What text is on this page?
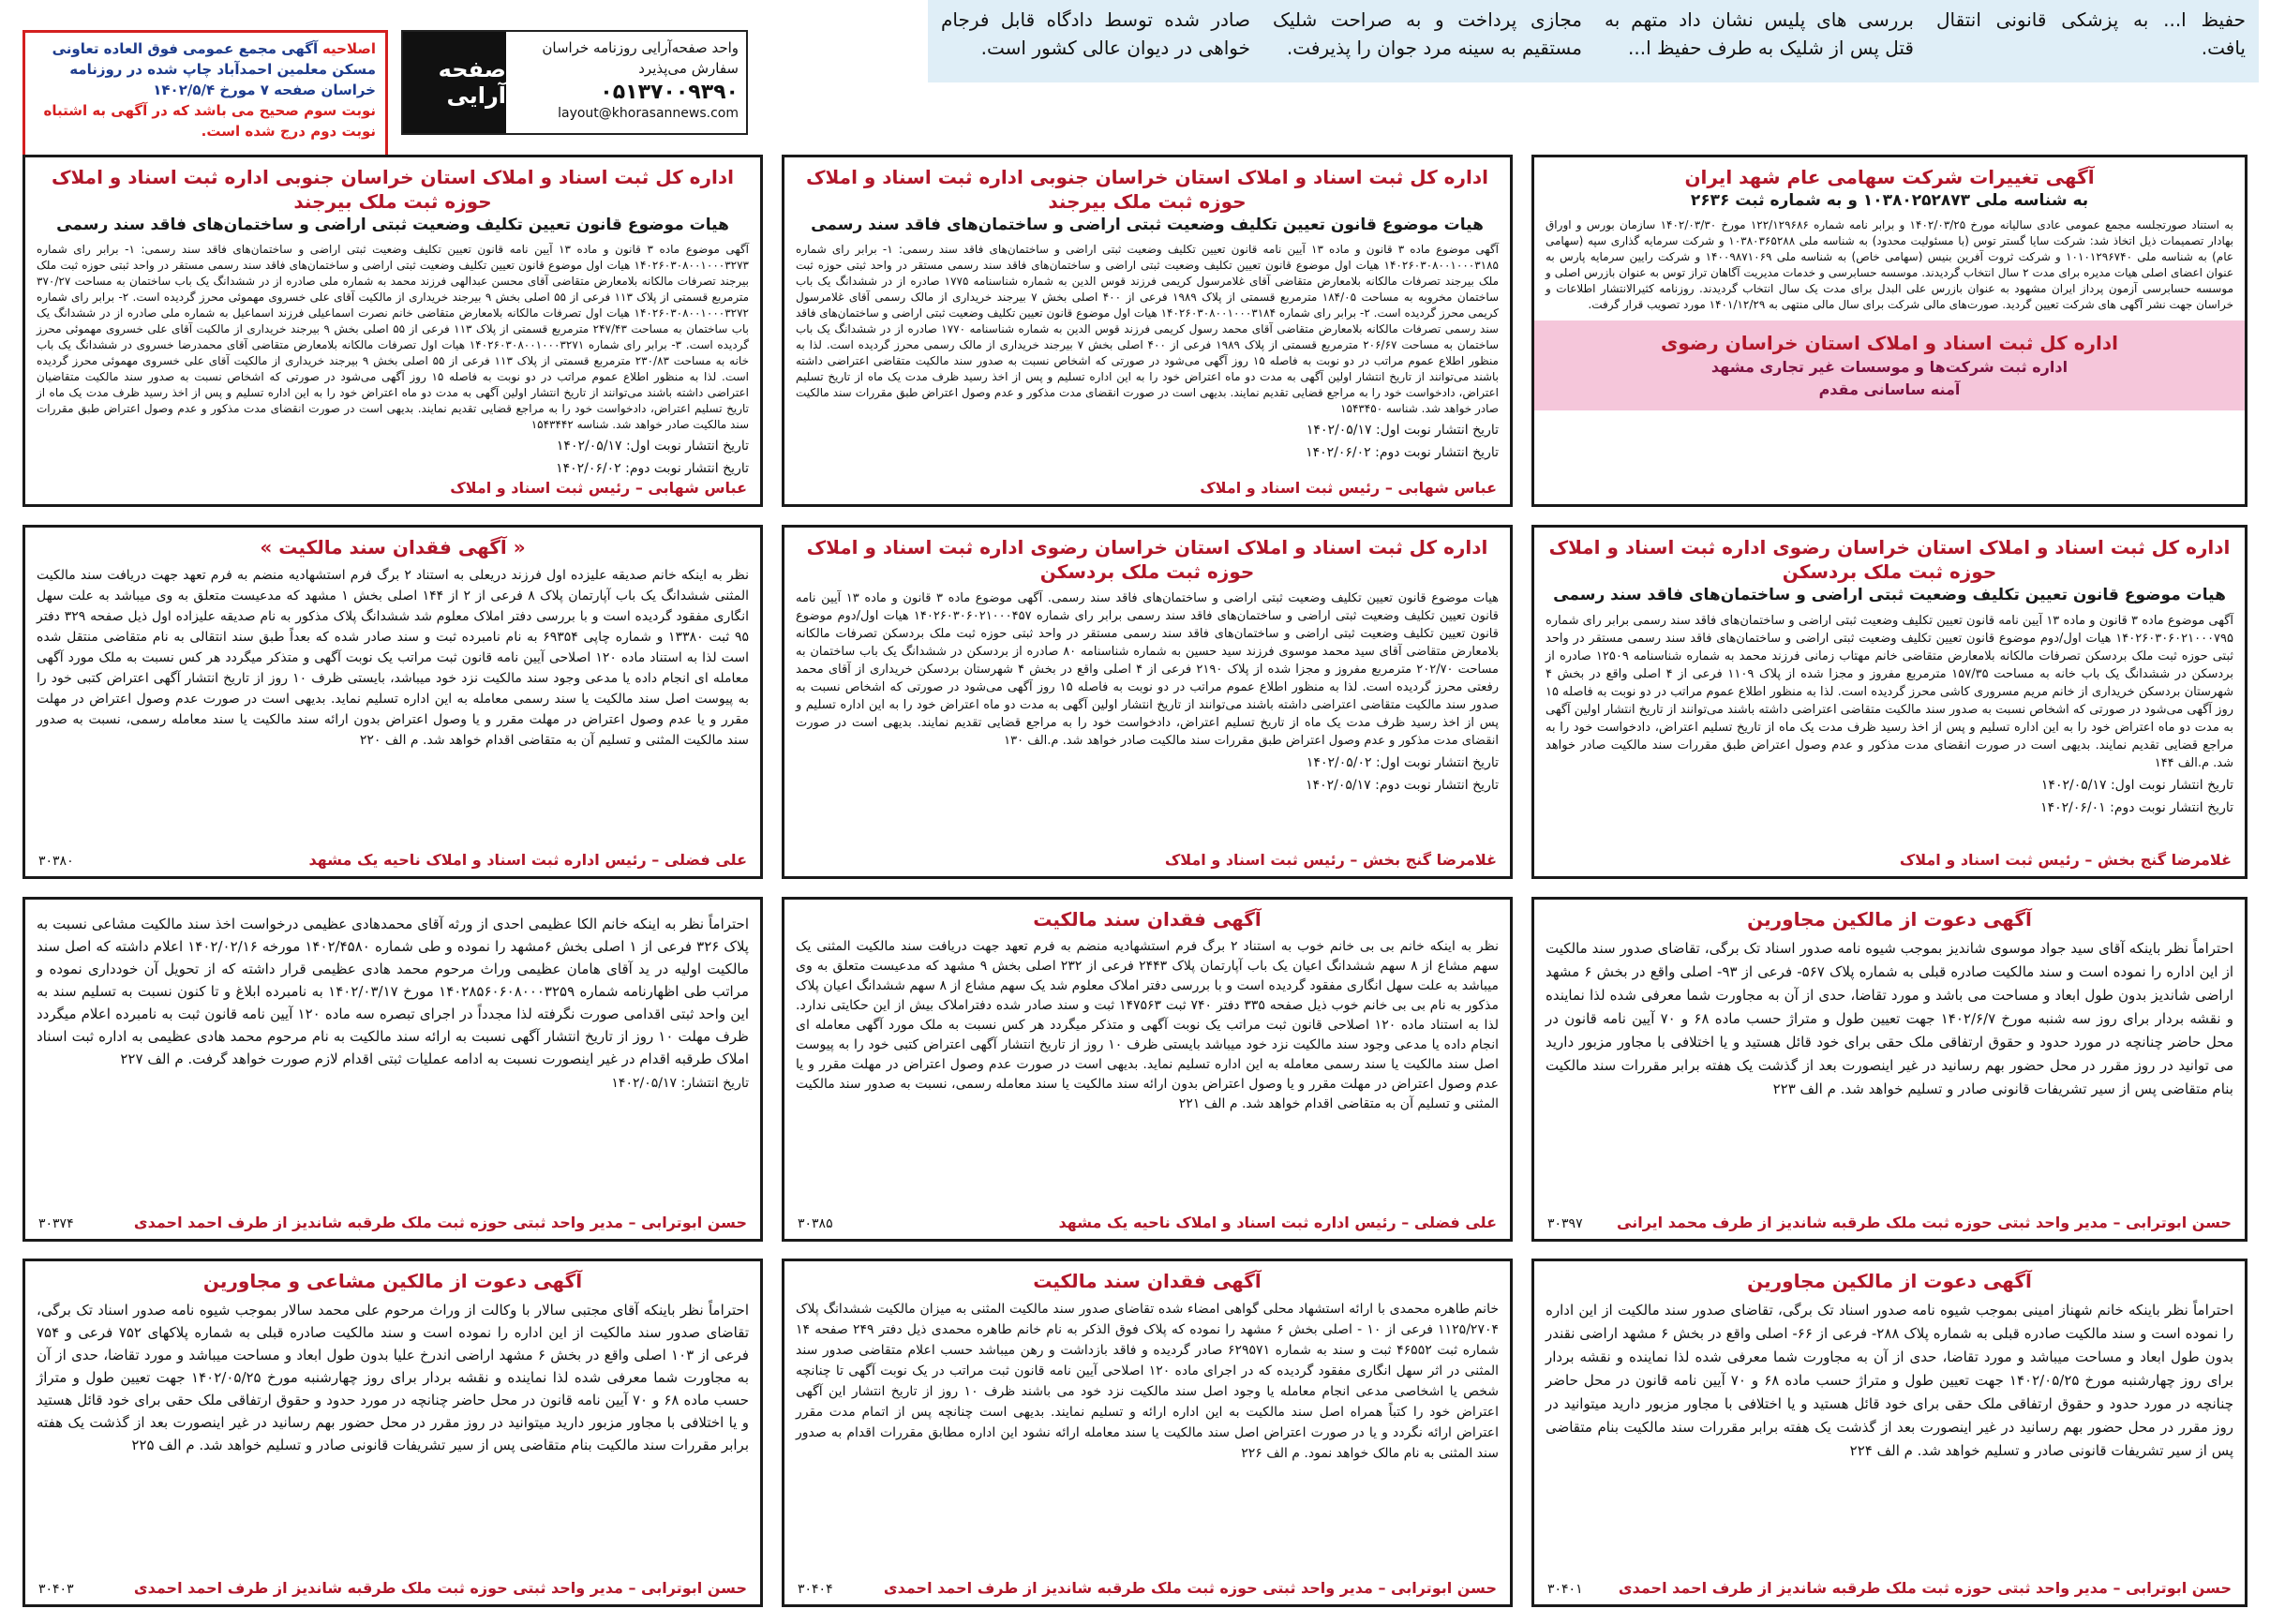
حفیظ ا... به پزشکی قانونی انتقال یافت.
بررسی های پلیس نشان داد متهم به قتل پس از شلیک به طرف حفیظ ا...
مجازی پرداخت و به صراحت شلیک مستقیم به سینه مرد جوان را پذیرفت.
صادر شده توسط دادگاه قابل فرجام خواهی در دیوان عالی کشور است.
واحد صفحه‌آرایی روزنامه خراسان
سفارش می‌پذیرد
۰۵۱۳۷۰۰۹۳۹۰
layout@khorasannews.com
صفحه آرایی
اصلاحیه آگهی مجمع عمومی فوق العاده تعاونی مسکن معلمین احمدآباد چاپ شده در روزنامه خراسان صفحه ۷ مورخ ۱۴۰۲/۵/۴
نوبت سوم صحیح می باشد که در آگهی به اشتباه نوبت دوم درج شده است.
آگهی تغییرات شرکت سهامی عام شهد ایران
به شناسه ملی ۱۰۳۸۰۲۵۲۸۷۳ و به شماره ثبت ۲۶۳۶
به استناد صورتجلسه مجمع عمومی عادی سالیانه مورخ ۱۴۰۲/۰۳/۲۵ و برابر نامه شماره ۱۲۲/۱۲۹۶۸۶ مورخ ۱۴۰۲/۰۳/۳۰ سازمان بورس و اوراق بهادار تصمیمات ذیل اتخاذ شد: شرکت سایا گستر توس (با مسئولیت محدود) به شناسه ملی ۱۰۳۸۰۳۶۵۲۸۸ و شرکت سرمایه گذاری سپه (سهامی عام) به شناسه ملی ۱۰۱۰۱۲۹۶۷۴۰ و شرکت ثروت آفرین بنیس (سهامی خاص) به شناسه ملی ۱۴۰۰۹۸۷۱۰۶۹ و شرکت رایین سرمایه پارس به عنوان اعضای اصلی هیات مدیره برای مدت ۲ سال انتخاب گردیدند. موسسه حسابرسی و خدمات مدیریت آگاهان تراز توس به عنوان بازرس اصلی و موسسه حسابرسی آزمون پرداز ایران مشهود به عنوان بازرس علی البدل برای مدت یک سال انتخاب گردیدند. روزنامه کثیرالانتشار اطلاعات و خراسان جهت نشر آگهی های شرکت تعیین گردید. صورت‌های مالی شرکت برای سال مالی منتهی به ۱۴۰۱/۱۲/۲۹ مورد تصویب قرار گرفت.
اداره کل ثبت اسناد و املاک استان خراسان رضوی
اداره ثبت شرکت‌ها و موسسات غیر تجاری مشهد
آمنه ساسانی مقدم
اداره کل ثبت اسناد و املاک استان خراسان جنوبی اداره ثبت اسناد و املاک حوزه ثبت ملک بیرجند
هیات موضوع قانون تعیین تکلیف وضعیت ثبتی اراضی و ساختمان‌های فاقد سند رسمی
آگهی موضوع ماده ۳ قانون و ماده ۱۳ آیین نامه قانون تعیین تکلیف وضعیت ثبتی اراضی و ساختمان‌های فاقد سند رسمی: ۱- برابر رای شماره ۱۴۰۲۶۰۳۰۸۰۰۱۰۰۰۳۱۸۵ هیات اول موضوع قانون تعیین تکلیف وضعیت ثبتی اراضی و ساختمان‌های فاقد سند رسمی مستقر در واحد ثبتی حوزه ثبت ملک بیرجند تصرفات مالکانه بلامعارض متقاضی آقای غلامرسول کریمی فرزند قوس الدین به شماره شناسنامه ۱۷۷۵ صادره از در ششدانگ یک باب ساختمان مخروبه به مساحت ۱۸۴/۰۵ مترمربع قسمتی از پلاک ۱۹۸۹ فرعی از ۴۰۰ اصلی بخش ۷ بیرجند خریداری از مالک رسمی آقای غلامرسول کریمی محرز گردیده است. ۲- برابر رای شماره ۱۴۰۲۶۰۳۰۸۰۰۱۰۰۰۳۱۸۴ هیات اول موضوع قانون تعیین تکلیف وضعیت ثبتی اراضی و ساختمان‌های فاقد سند رسمی تصرفات مالکانه بلامعارض متقاضی آقای محمد رسول کریمی فرزند قوس الدین به شماره شناسنامه ۱۷۷۰ صادره از در ششدانگ یک باب ساختمان به مساحت ۲۰۶/۶۷ مترمربع قسمتی از پلاک ۱۹۸۹ فرعی از ۴۰۰ اصلی بخش ۷ بیرجند خریداری از مالک رسمی محرز گردیده است. لذا به منظور اطلاع عموم مراتب در دو نوبت به فاصله ۱۵ روز آگهی می‌شود در صورتی که اشخاص نسبت به صدور سند مالکیت متقاضی اعتراضی داشته باشند می‌توانند از تاریخ انتشار اولین آگهی به مدت دو ماه اعتراض خود را به این اداره تسلیم و پس از اخذ رسید ظرف مدت یک ماه از تاریخ تسلیم اعتراض، دادخواست خود را به مراجع قضایی تقدیم نمایند. بدیهی است در صورت انقضای مدت مذکور و عدم وصول اعتراض طبق مقررات سند مالکیت صادر خواهد شد. شناسه ۱۵۴۳۴۵۰
تاریخ انتشار نوبت اول: ۱۴۰۲/۰۵/۱۷
تاریخ انتشار نوبت دوم: ۱۴۰۲/۰۶/۰۲
عباس شهابی – رئیس ثبت اسناد و املاک
اداره کل ثبت اسناد و املاک استان خراسان جنوبی اداره ثبت اسناد و املاک حوزه ثبت ملک بیرجند
هیات موضوع قانون تعیین تکلیف وضعیت ثبتی اراضی و ساختمان‌های فاقد سند رسمی
آگهی موضوع ماده ۳ قانون و ماده ۱۳ آیین نامه قانون تعیین تکلیف وضعیت ثبتی اراضی و ساختمان‌های فاقد سند رسمی: ۱- برابر رای شماره ۱۴۰۲۶۰۳۰۸۰۰۱۰۰۰۳۲۷۳ هیات اول موضوع قانون تعیین تکلیف وضعیت ثبتی اراضی و ساختمان‌های فاقد سند رسمی مستقر در واحد ثبتی حوزه ثبت ملک بیرجند تصرفات مالکانه بلامعارض متقاضی آقای محسن عبدالهی فرزند محمد به شماره ملی صادره از در ششدانگ یک باب ساختمان به مساحت ۳۷۰/۲۷ مترمربع قسمتی از پلاک ۱۱۳ فرعی از ۵۵ اصلی بخش ۹ بیرجند خریداری از مالکیت آقای علی خسروی مهموئی محرز گردیده است. ۲- برابر رای شماره ۱۴۰۲۶۰۳۰۸۰۰۱۰۰۰۳۲۷۲ هیات اول تصرفات مالکانه بلامعارض متقاضی خانم نصرت اسماعیلی فرزند اسماعیل به شماره ملی صادره از در ششدانگ یک باب ساختمان به مساحت ۲۴۷/۴۳ مترمربع قسمتی از پلاک ۱۱۳ فرعی از ۵۵ اصلی بخش ۹ بیرجند خریداری از مالکیت آقای علی خسروی مهموئی محرز گردیده است. ۳- برابر رای شماره ۱۴۰۲۶۰۳۰۸۰۰۱۰۰۰۳۲۷۱ هیات اول تصرفات مالکانه بلامعارض متقاضی آقای محمدرضا خسروی در ششدانگ یک باب خانه به مساحت ۲۳۰/۸۳ مترمربع قسمتی از پلاک ۱۱۳ فرعی از ۵۵ اصلی بخش ۹ بیرجند خریداری از مالکیت آقای علی خسروی مهموئی محرز گردیده است. لذا به منظور اطلاع عموم مراتب در دو نوبت به فاصله ۱۵ روز آگهی می‌شود در صورتی که اشخاص نسبت به صدور سند مالکیت متقاضیان اعتراضی داشته باشند می‌توانند از تاریخ انتشار اولین آگهی به مدت دو ماه اعتراض خود را به این اداره تسلیم و پس از اخذ رسید ظرف مدت یک ماه از تاریخ تسلیم اعتراض، دادخواست خود را به مراجع قضایی تقدیم نمایند. بدیهی است در صورت انقضای مدت مذکور و عدم وصول اعتراض طبق مقررات سند مالکیت صادر خواهد شد. شناسه ۱۵۴۳۴۴۲
تاریخ انتشار نوبت اول: ۱۴۰۲/۰۵/۱۷
تاریخ انتشار نوبت دوم: ۱۴۰۲/۰۶/۰۲
عباس شهابی – رئیس ثبت اسناد و املاک
اداره کل ثبت اسناد و املاک استان خراسان رضوی اداره ثبت اسناد و املاک حوزه ثبت ملک بردسکن
هیات موضوع قانون تعیین تکلیف وضعیت ثبتی اراضی و ساختمان‌های فاقد سند رسمی
آگهی موضوع ماده ۳ قانون و ماده ۱۳ آیین نامه قانون تعیین تکلیف وضعیت ثبتی اراضی و ساختمان‌های فاقد سند رسمی برابر رای شماره ۱۴۰۲۶۰۳۰۶۰۲۱۰۰۰۷۹۵ هیات اول/دوم موضوع قانون تعیین تکلیف وضعیت ثبتی اراضی و ساختمان‌های فاقد سند رسمی مستقر در واحد ثبتی حوزه ثبت ملک بردسکن تصرفات مالکانه بلامعارض متقاضی خانم مهتاب زمانی فرزند محمد به شماره شناسنامه ۱۲۵۰۹ صادره از بردسکن در ششدانگ یک باب خانه به مساحت ۱۵۷/۳۵ مترمربع مفروز و مجزا شده از پلاک ۱۱۰۹ فرعی از ۴ اصلی واقع در بخش ۴ شهرستان بردسکن خریداری از خانم مریم مسروری کاشی محرز گردیده است. لذا به منظور اطلاع عموم مراتب در دو نوبت به فاصله ۱۵ روز آگهی می‌شود در صورتی که اشخاص نسبت به صدور سند مالکیت متقاضی اعتراضی داشته باشند می‌توانند از تاریخ انتشار اولین آگهی به مدت دو ماه اعتراض خود را به این اداره تسلیم و پس از اخذ رسید ظرف مدت یک ماه از تاریخ تسلیم اعتراض، دادخواست خود را به مراجع قضایی تقدیم نمایند. بدیهی است در صورت انقضای مدت مذکور و عدم وصول اعتراض طبق مقررات سند مالکیت صادر خواهد شد. م.الف ۱۴۴
تاریخ انتشار نوبت اول: ۱۴۰۲/۰۵/۱۷
تاریخ انتشار نوبت دوم: ۱۴۰۲/۰۶/۰۱
غلامرضا گنج بخش – رئیس ثبت اسناد و املاک
اداره کل ثبت اسناد و املاک استان خراسان رضوی اداره ثبت اسناد و املاک حوزه ثبت ملک بردسکن
هیات موضوع قانون تعیین تکلیف وضعیت ثبتی اراضی و ساختمان‌های فاقد سند رسمی. آگهی موضوع ماده ۳ قانون و ماده ۱۳ آیین نامه قانون تعیین تکلیف وضعیت ثبتی اراضی و ساختمان‌های فاقد سند رسمی برابر رای شماره ۱۴۰۲۶۰۳۰۶۰۲۱۰۰۰۴۵۷ هیات اول/دوم موضوع قانون تعیین تکلیف وضعیت ثبتی اراضی و ساختمان‌های فاقد سند رسمی مستقر در واحد ثبتی حوزه ثبت ملک بردسکن تصرفات مالکانه بلامعارض متقاضی آقای سید محمد موسوی فرزند سید حسین به شماره شناسنامه ۸۰ صادره از بردسکن در ششدانگ یک باب ساختمان به مساحت ۲۰۲/۷۰ مترمربع مفروز و مجزا شده از پلاک ۲۱۹۰ فرعی از ۴ اصلی واقع در بخش ۴ شهرستان بردسکن خریداری از آقای محمد رفعتی محرز گردیده است. لذا به منظور اطلاع عموم مراتب در دو نوبت به فاصله ۱۵ روز آگهی می‌شود در صورتی که اشخاص نسبت به صدور سند مالکیت متقاضی اعتراضی داشته باشند می‌توانند از تاریخ انتشار اولین آگهی به مدت دو ماه اعتراض خود را به این اداره تسلیم و پس از اخذ رسید ظرف مدت یک ماه از تاریخ تسلیم اعتراض، دادخواست خود را به مراجع قضایی تقدیم نمایند. بدیهی است در صورت انقضای مدت مذکور و عدم وصول اعتراض طبق مقررات سند مالکیت صادر خواهد شد. م.الف ۱۳۰
تاریخ انتشار نوبت اول: ۱۴۰۲/۰۵/۰۲
تاریخ انتشار نوبت دوم: ۱۴۰۲/۰۵/۱۷
غلامرضا گنج بخش – رئیس ثبت اسناد و املاک
« آگهی فقدان سند مالکیت »
نظر به اینکه خانم صدیقه علیزده اول فرزند دریعلی به استناد ۲ برگ فرم استشهادیه منضم به فرم تعهد جهت دریافت سند مالکیت المثنی ششدانگ یک باب آپارتمان پلاک ۸ فرعی از ۲ از ۱۴۴ اصلی بخش ۱ مشهد که مدعیست متعلق به وی میباشد به علت سهل انگاری مفقود گردیده است و با بررسی دفتر املاک معلوم شد ششدانگ پلاک مذکور به نام صدیقه علیزاده اول ذیل صفحه ۳۲۹ دفتر ۹۵ ثبت ۱۳۳۸۰ و شماره چاپی ۶۹۳۵۴ به نام نامبرده ثبت و سند صادر شده که بعداً طبق سند انتقالی به نام متقاضی منتقل شده است لذا به استناد ماده ۱۲۰ اصلاحی آیین نامه قانون ثبت مراتب یک نوبت آگهی و متذکر میگردد هر کس نسبت به ملک مورد آگهی معامله ای انجام داده یا مدعی وجود سند مالکیت نزد خود میباشد، بایستی ظرف ۱۰ روز از تاریخ انتشار آگهی اعتراض کتبی خود را به پیوست اصل سند مالکیت یا سند رسمی معامله به این اداره تسلیم نماید. بدیهی است در صورت عدم وصول اعتراض در مهلت مقرر و یا عدم وصول اعتراض در مهلت مقرر و یا وصول اعتراض بدون ارائه سند مالکیت یا سند معامله رسمی، نسبت به صدور سند مالکیت المثنی و تسلیم آن به متقاضی اقدام خواهد شد. م الف ۲۲۰
علی فضلی – رئیس اداره ثبت اسناد و املاک ناحیه یک مشهد
۳۰۳۸۰
آگهی دعوت از مالکین مجاورین
احتراماً نظر باینکه آقای سید جواد موسوی شاندیز بموجب شیوه نامه صدور اسناد تک برگی، تقاضای صدور سند مالکیت از این اداره را نموده است و سند مالکیت صادره قبلی به شماره پلاک ۵۶۷- فرعی از ۹۳- اصلی واقع در بخش ۶ مشهد اراضی شاندیز بدون طول ابعاد و مساحت می باشد و مورد تقاضا، حدی از آن به مجاورت شما معرفی شده لذا نماینده و نقشه بردار برای روز سه شنبه مورخ ۱۴۰۲/۶/۷ جهت تعیین طول و متراژ حسب ماده ۶۸ و ۷۰ آیین نامه قانون در محل حاضر چنانچه در مورد حدود و حقوق ارتفاقی ملک حقی برای خود قائل هستید و یا اختلافی با مجاور مزبور دارید می توانید در روز مقرر در محل حضور بهم رسانید در غیر اینصورت بعد از گذشت یک هفته برابر مقررات سند مالکیت بنام متقاضی پس از سیر تشریفات قانونی صادر و تسلیم خواهد شد. م الف ۲۲۳
حسن ابوترابی – مدیر واحد ثبتی حوزه ثبت ملک طرقبه شاندیز از طرف محمد ایرانی
۳۰۳۹۷
آگهی فقدان سند مالکیت
نظر به اینکه خانم بی بی خانم خوب به استناد ۲ برگ فرم استشهادیه منضم به فرم تعهد جهت دریافت سند مالکیت المثنی یک سهم مشاع از ۸ سهم ششدانگ اعیان یک باب آپارتمان پلاک ۲۴۴۳ فرعی از ۲۳۲ اصلی بخش ۹ مشهد که مدعیست متعلق به وی میباشد به علت سهل انگاری مفقود گردیده است و با بررسی دفتر املاک معلوم شد یک سهم مشاع از ۸ سهم ششدانگ اعیان پلاک مذکور به نام بی بی خانم خوب ذیل صفحه ۳۳۵ دفتر ۷۴۰ ثبت ۱۴۷۵۶۳ ثبت و سند صادر شده دفتراملاک بیش از این حکایتی ندارد. لذا به استناد ماده ۱۲۰ اصلاحی قانون ثبت مراتب یک نوبت آگهی و متذکر میگردد هر کس نسبت به ملک مورد آگهی معامله ای انجام داده یا مدعی وجود سند مالکیت نزد خود میباشد بایستی ظرف ۱۰ روز از تاریخ انتشار آگهی اعتراض کتبی خود را به پیوست اصل سند مالکیت یا سند رسمی معامله به این اداره تسلیم نماید. بدیهی است در صورت عدم وصول اعتراض در مهلت مقرر و یا عدم وصول اعتراض در مهلت مقرر و یا وصول اعتراض بدون ارائه سند مالکیت یا سند معامله رسمی، نسبت به صدور سند مالکیت المثنی و تسلیم آن به متقاضی اقدام خواهد شد. م الف ۲۲۱
علی فضلی – رئیس اداره ثبت اسناد و املاک ناحیه یک مشهد
۳۰۳۸۵
احتراماً نظر به اینکه خانم الکا عظیمی احدی از ورثه آقای محمدهادی عظیمی درخواست اخذ سند مالکیت مشاعی نسبت به پلاک ۳۲۶ فرعی از ۱ اصلی بخش ۶مشهد را نموده و طی شماره ۱۴۰۲/۴۵۸۰ مورخه ۱۴۰۲/۰۲/۱۶ اعلام داشته که اصل سند مالکیت اولیه در ید آقای هامان عظیمی وراث مرحوم محمد هادی عظیمی قرار داشته که از تحویل آن خودداری نموده و مراتب طی اظهارنامه شماره ۱۴۰۲۸۵۶۰۶۰۸۰۰۰۳۲۵۹ مورخ ۱۴۰۲/۰۳/۱۷ به نامبرده ابلاغ و تا کنون نسبت به تسلیم سند به این واحد ثبتی اقدامی صورت نگرفته لذا مجدداً در اجرای تبصره سه ماده ۱۲۰ آیین نامه قانون ثبت به نامبرده اعلام میگردد ظرف مهلت ۱۰ روز از تاریخ انتشار آگهی نسبت به ارائه سند مالکیت به نام مرحوم محمد هادی عظیمی به اداره ثبت اسناد املاک طرقبه اقدام در غیر اینصورت نسبت به ادامه عملیات ثبتی اقدام لازم صورت خواهد گرفت. م الف ۲۲۷
تاریخ انتشار: ۱۴۰۲/۰۵/۱۷
حسن ابوترابی – مدیر واحد ثبتی حوزه ثبت ملک طرقبه شاندیز از طرف احمد احمدی
۳۰۳۷۴
آگهی دعوت از مالکین مجاورین
احتراماً نظر باینکه خانم شهناز امینی بموجب شیوه نامه صدور اسناد تک برگی، تقاضای صدور سند مالکیت از این اداره را نموده است و سند مالکیت صادره قبلی به شماره پلاک ۲۸۸- فرعی از ۶۶- اصلی واقع در بخش ۶ مشهد اراضی نقندر بدون طول ابعاد و مساحت میباشد و مورد تقاضا، حدی از آن به مجاورت شما معرفی شده لذا نماینده و نقشه بردار برای روز چهارشنبه مورخ ۱۴۰۲/۰۵/۲۵ جهت تعیین طول و متراژ حسب ماده ۶۸ و ۷۰ آیین نامه قانون در محل حاضر چنانچه در مورد حدود و حقوق ارتفاقی ملک حقی برای خود قائل هستید و یا اختلافی با مجاور مزبور دارید میتوانید در روز مقرر در محل حضور بهم رسانید در غیر اینصورت بعد از گذشت یک هفته برابر مقررات سند مالکیت بنام متقاضی پس از سیر تشریفات قانونی صادر و تسلیم خواهد شد. م الف ۲۲۴
حسن ابوترابی – مدیر واحد ثبتی حوزه ثبت ملک طرقبه شاندیز از طرف احمد احمدی
۳۰۴۰۱
آگهی فقدان سند مالکیت
خانم طاهره محمدی با ارائه استشهاد محلی گواهی امضاء شده تقاضای صدور سند مالکیت المثنی به میزان مالکیت ششدانگ پلاک ۱۱۲۵/۲۷۰۴ فرعی از ۱۰ - اصلی بخش ۶ مشهد را نموده که پلاک فوق الذکر به نام خانم طاهره محمدی ذیل دفتر ۲۴۹ صفحه ۱۴ شماره ثبت ۴۶۵۵۲ ثبت و سند به شماره ۶۲۹۵۷۱ صادر گردیده و فاقد بازداشت و رهن میباشد حسب اعلام متقاضی صدور سند المثنی در اثر سهل انگاری مفقود گردیده که در اجرای ماده ۱۲۰ اصلاحی آیین نامه قانون ثبت مراتب در یک نوبت آگهی تا چنانچه شخص یا اشخاصی مدعی انجام معامله یا وجود اصل سند مالکیت نزد خود می باشند ظرف ۱۰ روز از تاریخ انتشار این آگهی اعتراض خود را کتباً همراه اصل سند مالکیت به این اداره ارائه و تسلیم نمایند. بدیهی است چنانچه پس از اتمام مدت مقرر اعتراض ارائه نگردد و یا در صورت اعتراض اصل سند مالکیت یا سند معامله ارائه نشود این اداره مطابق مقررات اقدام به صدور سند المثنی به نام مالک خواهد نمود. م الف ۲۲۶
حسن ابوترابی – مدیر واحد ثبتی حوزه ثبت ملک طرقبه شاندیز از طرف احمد احمدی
۳۰۴۰۴
آگهی دعوت از مالکین مشاعی و مجاورین
احتراماً نظر باینکه آقای مجتبی سالار با وکالت از وراث مرحوم علی محمد سالار بموجب شیوه نامه صدور اسناد تک برگی، تقاضای صدور سند مالکیت از این اداره را نموده است و سند مالکیت صادره قبلی به شماره پلاکهای ۷۵۲ فرعی و ۷۵۴ فرعی از ۱۰۳ اصلی واقع در بخش ۶ مشهد اراضی اندرخ علیا بدون طول ابعاد و مساحت میباشد و مورد تقاضا، حدی از آن به مجاورت شما معرفی شده لذا نماینده و نقشه بردار برای روز چهارشنبه مورخ ۱۴۰۲/۰۵/۲۵ جهت تعیین طول و متراژ حسب ماده ۶۸ و ۷۰ آیین نامه قانون در محل حاضر چنانچه در مورد حدود و حقوق ارتفاقی ملک حقی برای خود قائل هستید و یا اختلافی با مجاور مزبور دارید میتوانید در روز مقرر در محل حضور بهم رسانید در غیر اینصورت بعد از گذشت یک هفته برابر مقررات سند مالکیت بنام متقاضی پس از سیر تشریفات قانونی صادر و تسلیم خواهد شد. م الف ۲۲۵
حسن ابوترابی – مدیر واحد ثبتی حوزه ثبت ملک طرقبه شاندیز از طرف احمد احمدی
۳۰۴۰۳
